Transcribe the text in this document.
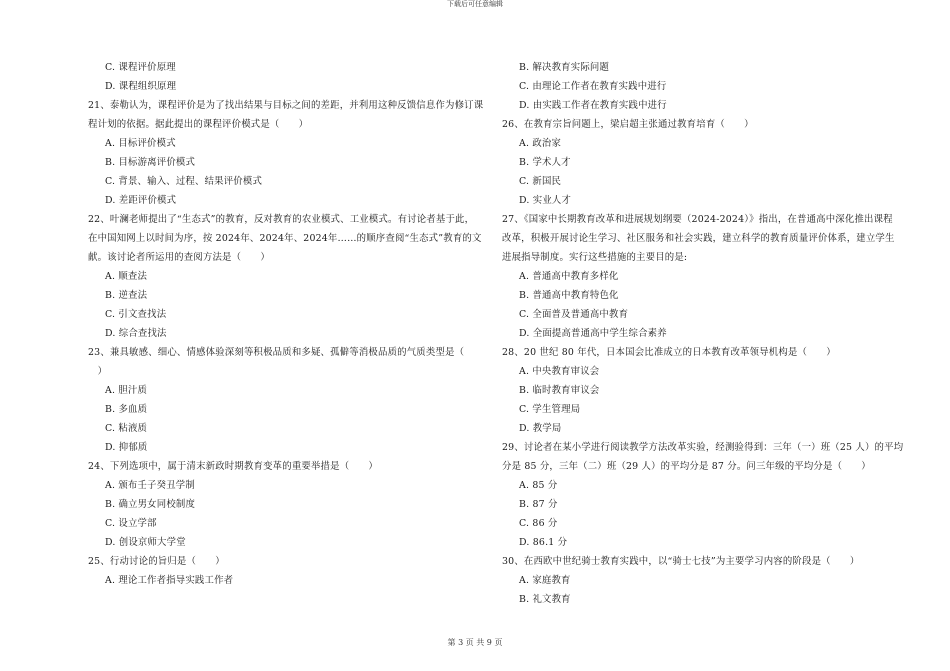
下载后可任意编辑
C. 课程评价原理
D. 课程组织原理
21、泰勒认为，课程评价是为了找出结果与目标之间的差距，并利用这种反馈信息作为修订课
程计划的依据。据此提出的课程评价模式是（　　）
A. 目标评价模式
B. 目标游离评价模式
C. 背景、输入、过程、结果评价模式
D. 差距评价模式
22、叶澜老师提出了“生态式”的教育，反对教育的农业模式、工业模式。有讨论者基于此，
在中国知网上以时间为序，按 2024年、2024年、2024年……的顺序查阅“生态式”教育的文
献。该讨论者所运用的查阅方法是（　　）
A. 顺查法
B. 逆查法
C. 引文查找法
D. 综合查找法
23、兼具敏感、细心、情感体验深刻等积极品质和多疑、孤僻等消极品质的气质类型是（
　）
A. 胆汁质
B. 多血质
C. 粘液质
D. 抑郁质
24、下列选项中，属于清末新政时期教育变革的重要举措是（　　）
A. 颁布壬子癸丑学制
B. 确立男女同校制度
C. 设立学部
D. 创设京师大学堂
25、行动讨论的旨归是（　　）
A. 理论工作者指导实践工作者
B. 解决教育实际问题
C. 由理论工作者在教育实践中进行
D. 由实践工作者在教育实践中进行
26、在教育宗旨问题上，梁启超主张通过教育培育（　　）
A. 政治家
B. 学术人才
C. 新国民
D. 实业人才
27、《国家中长期教育改革和进展规划纲要（2024-2024）》指出，在普通高中深化推出课程
改革，积极开展讨论生学习、社区服务和社会实践，建立科学的教育质量评价体系，建立学生
进展指导制度。实行这些措施的主要目的是:
A. 普通高中教育多样化
B. 普通高中教育特色化
C. 全面普及普通高中教育
D. 全面提高普通高中学生综合素养
28、20 世纪 80 年代，日本国会比准成立的日本教育改革领导机构是（　　）
A. 中央教育审议会
B. 临时教育审议会
C. 学生管理局
D. 教学局
29、讨论者在某小学进行阅读教学方法改革实验，经测验得到：三年（一）班（25 人）的平均
分是 85 分，三年（二）班（29 人）的平均分是 87 分。问三年级的平均分是（　　）
A. 85 分
B. 87 分
C. 86 分
D. 86.1 分
30、在西欧中世纪骑士教育实践中，以“骑士七技”为主要学习内容的阶段是（　　）
A. 家庭教育
B. 礼文教育
第 3 页 共 9 页
